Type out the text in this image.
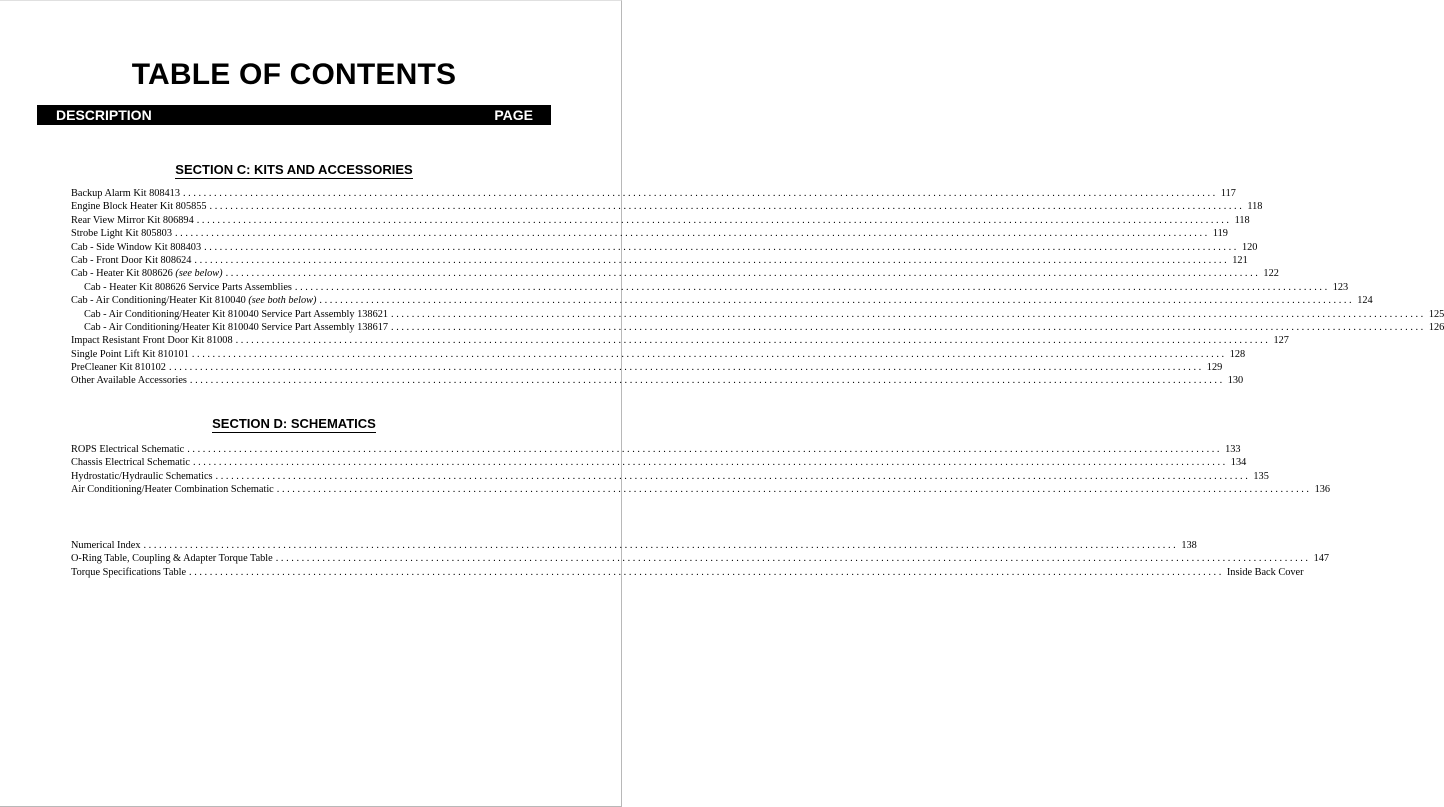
TABLE OF CONTENTS
DESCRIPTION	PAGE
SECTION C: KITS AND ACCESSORIES
Backup Alarm Kit 808413 ........................................................................................................................................................................................................ 117
Engine Block Heater Kit 805855 ........................................................................................................................................................................................................ 118
Rear View Mirror Kit 806894 ........................................................................................................................................................................................................ 118
Strobe Light Kit 805803 ........................................................................................................................................................................................................ 119
Cab - Side Window Kit 808403 ........................................................................................................................................................................................................ 120
Cab - Front Door Kit 808624 ........................................................................................................................................................................................................ 121
Cab - Heater Kit 808626 (see below) ........................................................................................................................................................................................................ 122
Cab - Heater Kit 808626 Service Parts Assemblies ........................................................................................................................................................................................................ 123
Cab - Air Conditioning/Heater Kit 810040 (see both below) ........................................................................................................................................................................................................ 124
Cab - Air Conditioning/Heater Kit 810040 Service Part Assembly 138621 ........................................................................................................................................................................................................ 125
Cab - Air Conditioning/Heater Kit 810040 Service Part Assembly 138617 ........................................................................................................................................................................................................ 126
Impact Resistant Front Door Kit 81008 ........................................................................................................................................................................................................ 127
Single Point Lift Kit 810101 ........................................................................................................................................................................................................ 128
PreCleaner Kit 810102 ........................................................................................................................................................................................................ 129
Other Available Accessories ........................................................................................................................................................................................................ 130
SECTION D: SCHEMATICS
ROPS Electrical Schematic ........................................................................................................................................................................................................ 133
Chassis Electrical Schematic ........................................................................................................................................................................................................ 134
Hydrostatic/Hydraulic Schematics ........................................................................................................................................................................................................ 135
Air Conditioning/Heater Combination Schematic ........................................................................................................................................................................................................ 136
Numerical Index ........................................................................................................................................................................................................ 138
O-Ring Table, Coupling & Adapter Torque Table ........................................................................................................................................................................................................ 147
Torque Specifications Table ........................................................................................................................................................................................................ Inside Back Cover
